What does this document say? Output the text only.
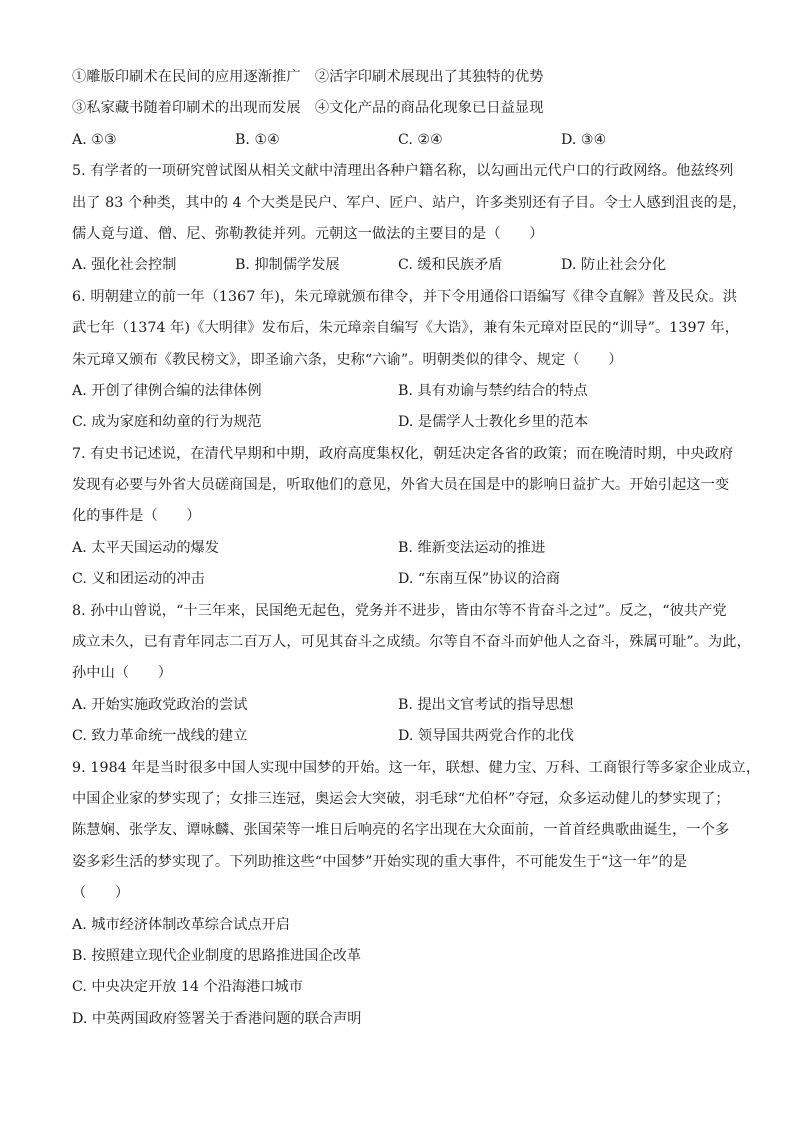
①雕版印刷术在民间的应用逐渐推广　②活字印刷术展现出了其独特的优势
③私家藏书随着印刷术的出现而发展　④文化产品的商品化现象已日益显现
A. ①③	B. ①④	C. ②④	D. ③④
5. 有学者的一项研究曾试图从相关文献中清理出各种户籍名称，以勾画出元代户口的行政网络。他兹终列
出了 83 个种类，其中的 4 个大类是民户、军户、匠户、站户，许多类别还有子目。令士人感到沮丧的是，
儒人竟与道、僧、尼、弥勒教徒并列。元朝这一做法的主要目的是（　　）
A. 强化社会控制	B. 抑制儒学发展	C. 缓和民族矛盾	D. 防止社会分化
6. 明朝建立的前一年（1367 年)，朱元璋就颁布律令，并下令用通俗口语编写《律令直解》普及民众。洪
武七年（1374 年)《大明律》发布后，朱元璋亲自编写《大诰》，兼有朱元璋对臣民的“训导”。1397 年，
朱元璋又颁布《教民榜文》，即圣谕六条，史称“六谕”。明朝类似的律令、规定（　　）
A. 开创了律例合编的法律体例	B. 具有劝谕与禁约结合的特点
C. 成为家庭和幼童的行为规范	D. 是儒学人士教化乡里的范本
7. 有史书记述说，在清代早期和中期，政府高度集权化，朝廷决定各省的政策；而在晚清时期，中央政府
发现有必要与外省大员磋商国是，听取他们的意见，外省大员在国是中的影响日益扩大。开始引起这一变
化的事件是（　　）
A. 太平天国运动的爆发	B. 维新变法运动的推进
C. 义和团运动的冲击	D. “东南互保”协议的洽商
8. 孙中山曾说，“十三年来，民国绝无起色，党务并不进步，皆由尔等不肯奋斗之过”。反之，“彼共产党
成立未久，已有青年同志二百万人，可见其奋斗之成绩。尔等自不奋斗而妒他人之奋斗，殊属可耻”。为此，
孙中山（　　）
A. 开始实施政党政治的尝试	B. 提出文官考试的指导思想
C. 致力革命统一战线的建立	D. 领导国共两党合作的北伐
9. 1984 年是当时很多中国人实现中国梦的开始。这一年，联想、健力宝、万科、工商银行等多家企业成立，
中国企业家的梦实现了；女排三连冠，奥运会大突破，羽毛球“尤伯杯”夺冠，众多运动健儿的梦实现了；
陈慧娴、张学友、谭咏麟、张国荣等一堆日后响亮的名字出现在大众面前，一首首经典歌曲诞生，一个多
姿多彩生活的梦实现了。下列助推这些“中国梦”开始实现的重大事件，不可能发生于“这一年”的是
（　　）
A. 城市经济体制改革综合试点开启
B. 按照建立现代企业制度的思路推进国企改革
C. 中央决定开放 14 个沿海港口城市
D. 中英两国政府签署关于香港问题的联合声明
